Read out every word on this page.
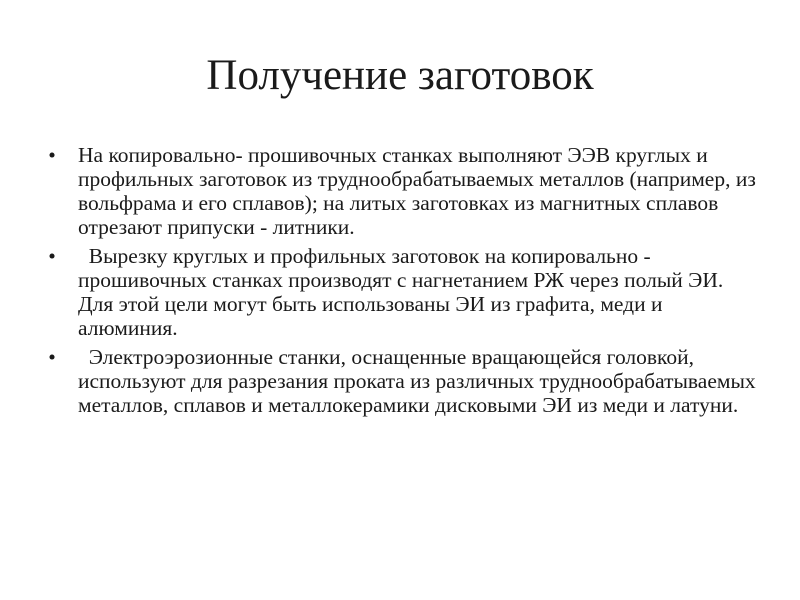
Получение заготовок
• На копировально- прошивочных станках выполняют ЭЭВ круглых и профильных заготовок из труднообрабатываемых металлов (например, из вольфрама и его сплавов); на литых заготовках из магнитных сплавов отрезают припуски - литники.
• Вырезку круглых и профильных заготовок на копировально - прошивочных станках производят с нагнетанием РЖ через полый ЭИ. Для этой цели могут быть использованы ЭИ из графита, меди и алюминия.
• Электроэрозионные станки, оснащенные вращающейся головкой, используют для разрезания проката из различных труднообрабатываемых металлов, сплавов и металлокерамики дисковыми ЭИ из меди и латуни.
